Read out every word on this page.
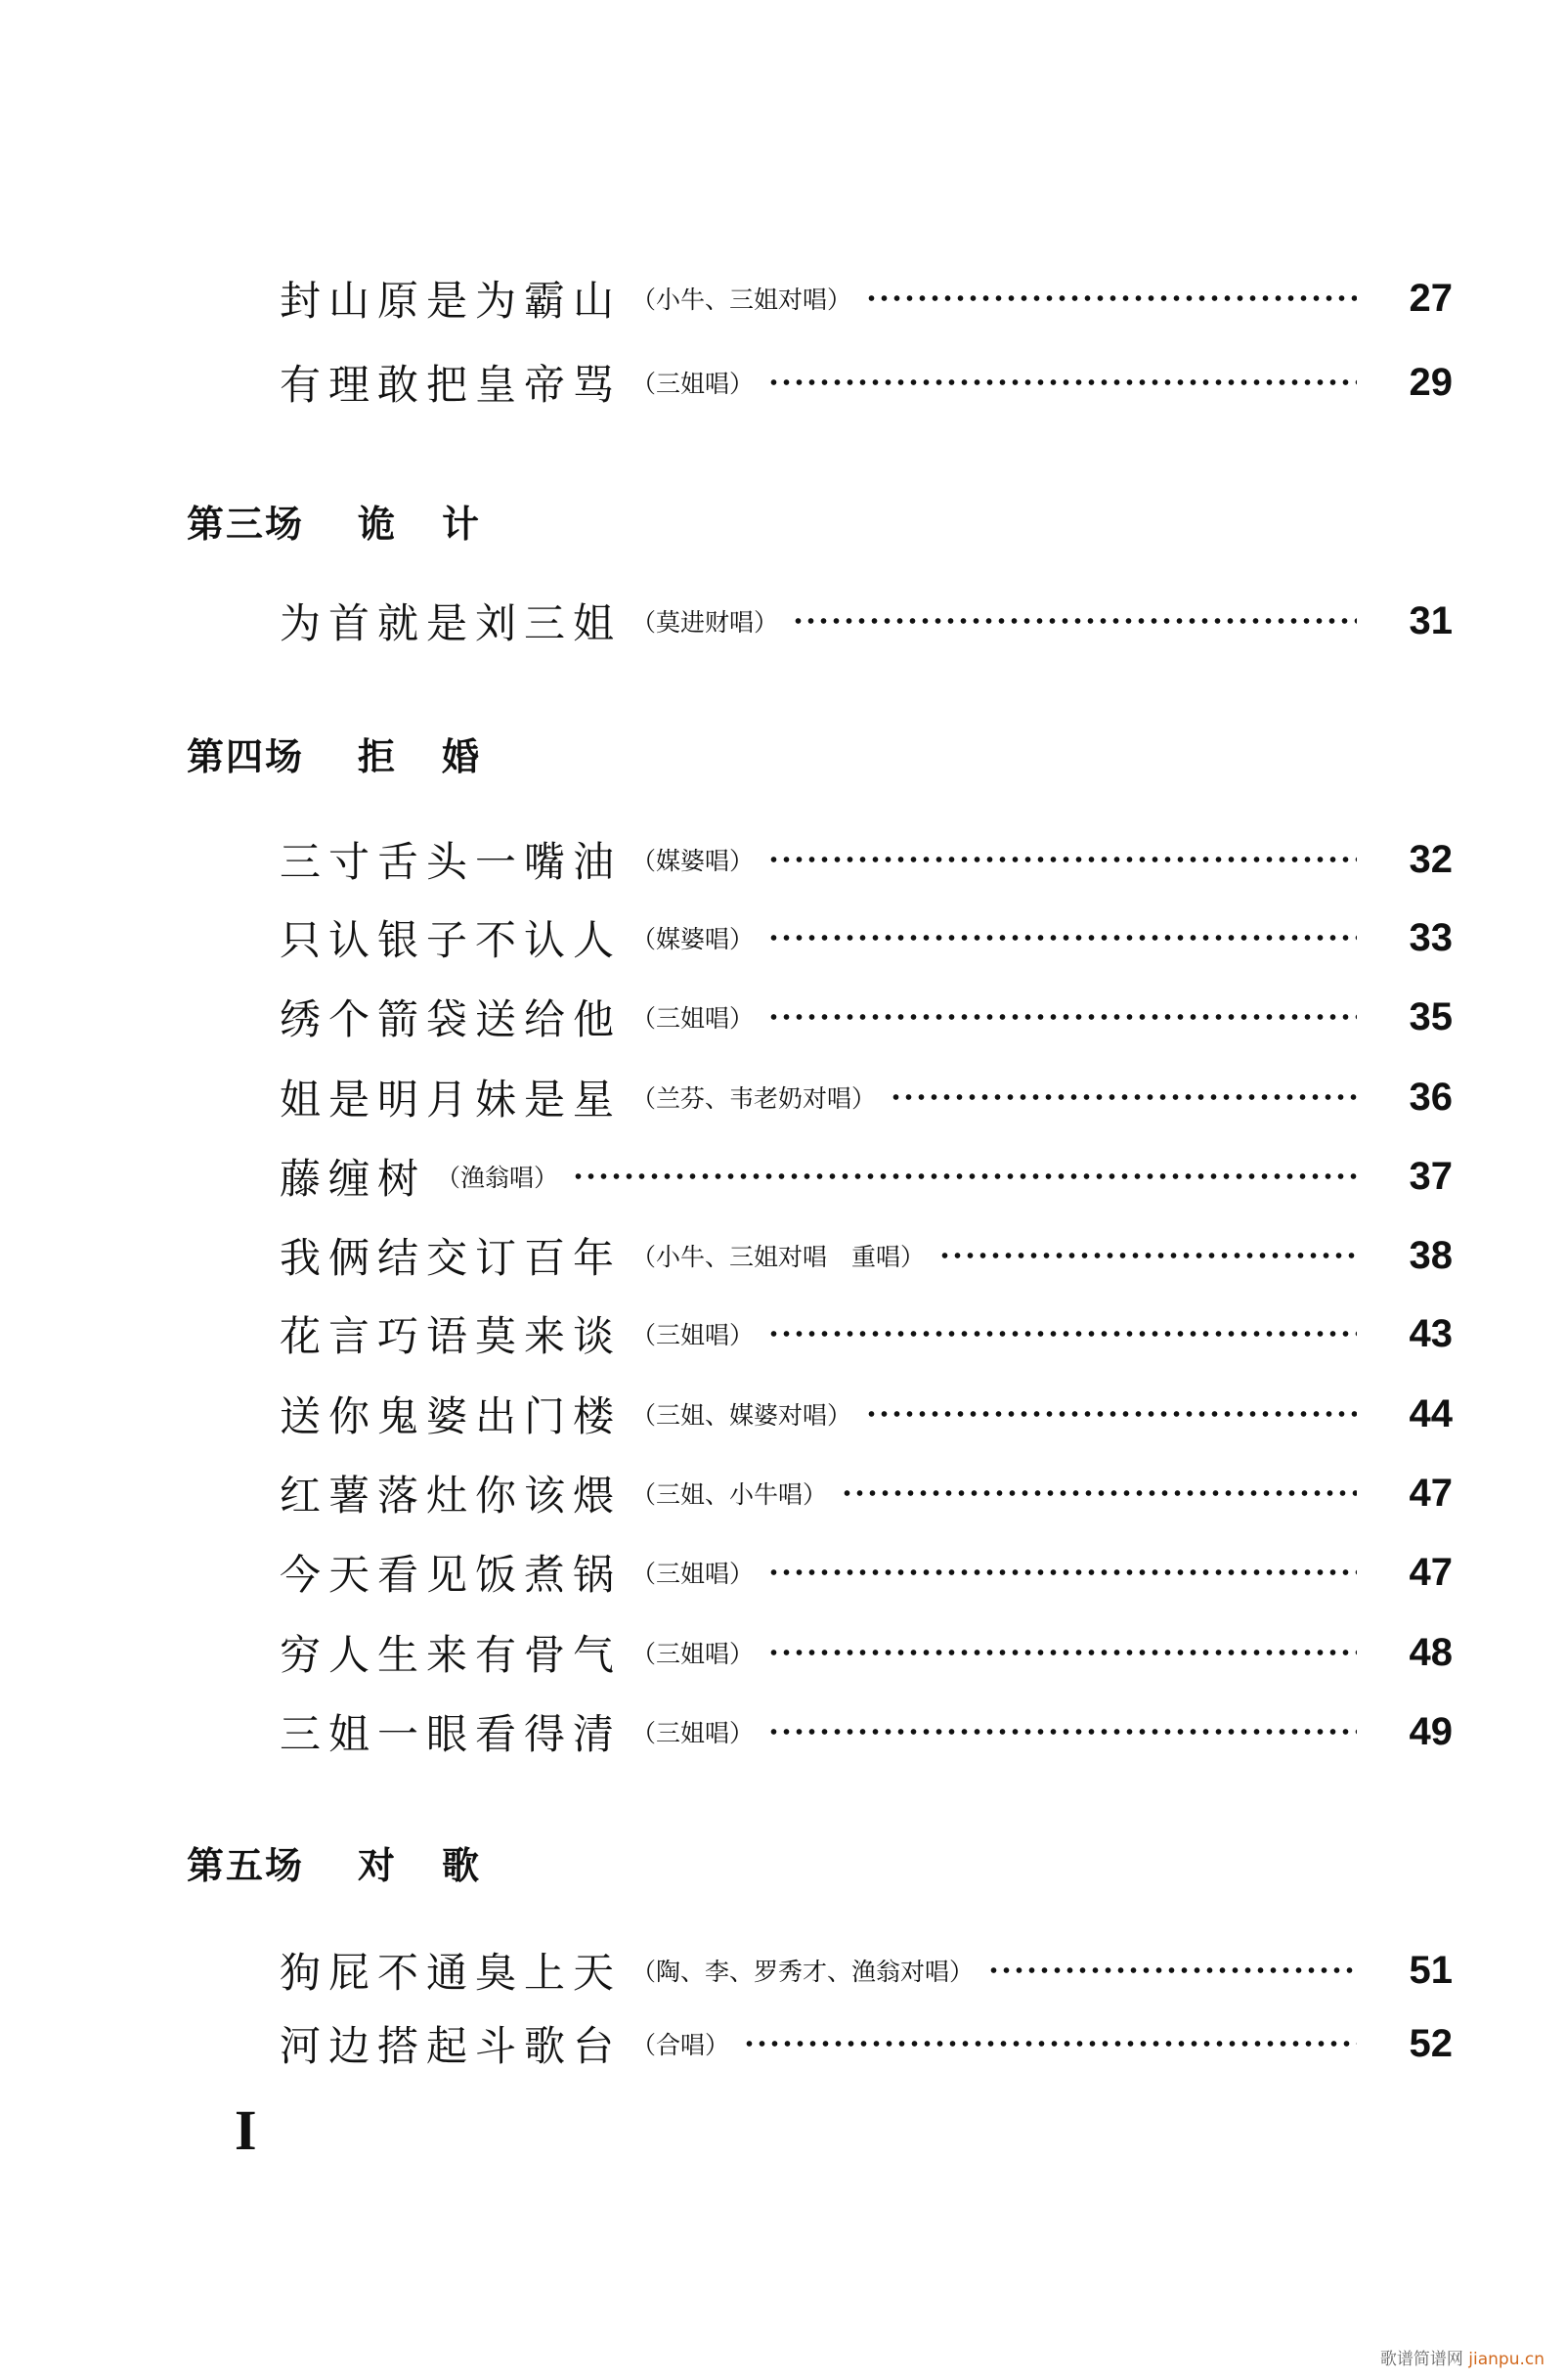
封山原是为霸山 （小牛、三姐对唱）	27
有理敢把皇帝骂 （三姐唱）	29
第三场 诡计
为首就是刘三姐 （莫进财唱）	31
第四场 拒婚
三寸舌头一嘴油 （媒婆唱）	32
只认银子不认人 （媒婆唱）	33
绣个箭袋送给他 （三姐唱）	35
姐是明月妹是星 （兰芬、韦老奶对唱）	36
藤缠树 （渔翁唱）	37
我俩结交订百年 （小牛、三姐对唱　重唱）	38
花言巧语莫来谈 （三姐唱）	43
送你鬼婆出门楼 （三姐、媒婆对唱）	44
红薯落灶你该煨 （三姐、小牛唱）	47
今天看见饭煮锅 （三姐唱）	47
穷人生来有骨气 （三姐唱）	48
三姐一眼看得清 （三姐唱）	49
第五场 对歌
狗屁不通臭上天 （陶、李、罗秀才、渔翁对唱）	51
河边搭起斗歌台 （合唱）	52
I
歌谱简谱网 jianpu.cn
